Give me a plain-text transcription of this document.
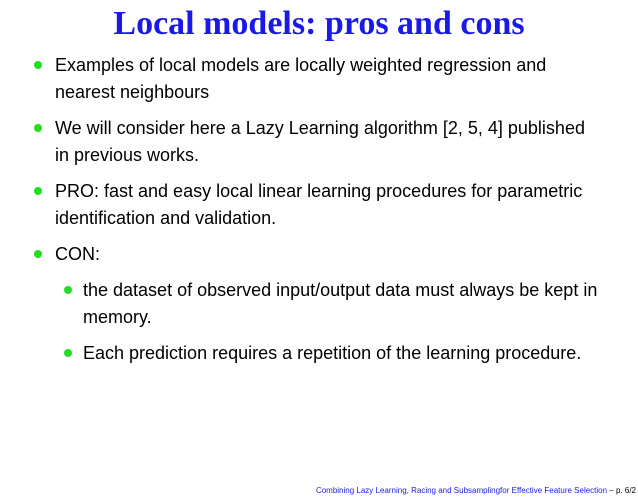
Local models: pros and cons
Examples of local models are locally weighted regression and nearest neighbours
We will consider here a Lazy Learning algorithm [2, 5, 4] published in previous works.
PRO: fast and easy local linear learning procedures for parametric identification and validation.
CON:
the dataset of observed input/output data must always be kept in memory.
Each prediction requires a repetition of the learning procedure.
Combining Lazy Learning, Racing and Subsamplingfor Effective Feature Selection – p. 6/2
